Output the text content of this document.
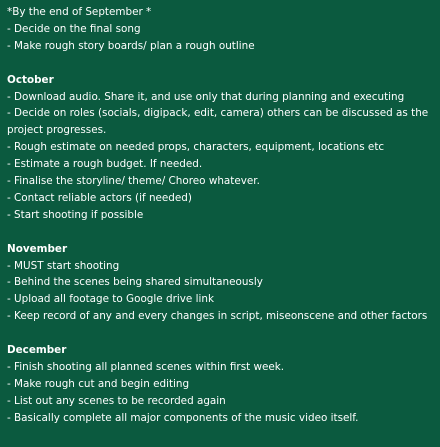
*By the end of September *
- Decide on the final song
- Make rough story boards/ plan a rough outline
October
- Download audio. Share it, and use only that during planning and executing
- Decide on roles (socials, digipack, edit, camera) others can be discussed as the project progresses.
- Rough estimate on needed props, characters, equipment, locations etc
- Estimate a rough budget. If needed.
- Finalise the storyline/ theme/ Choreo whatever.
- Contact reliable actors (if needed)
- Start shooting if possible
November
- MUST start shooting
- Behind the scenes being shared simultaneously
- Upload all footage to Google drive link
- Keep record of any and every changes in script, miseonscene and other factors
December
- Finish shooting all planned scenes within first week.
- Make rough cut and begin editing
- List out any scenes to be recorded again
- Basically complete all major components of the music video itself.
